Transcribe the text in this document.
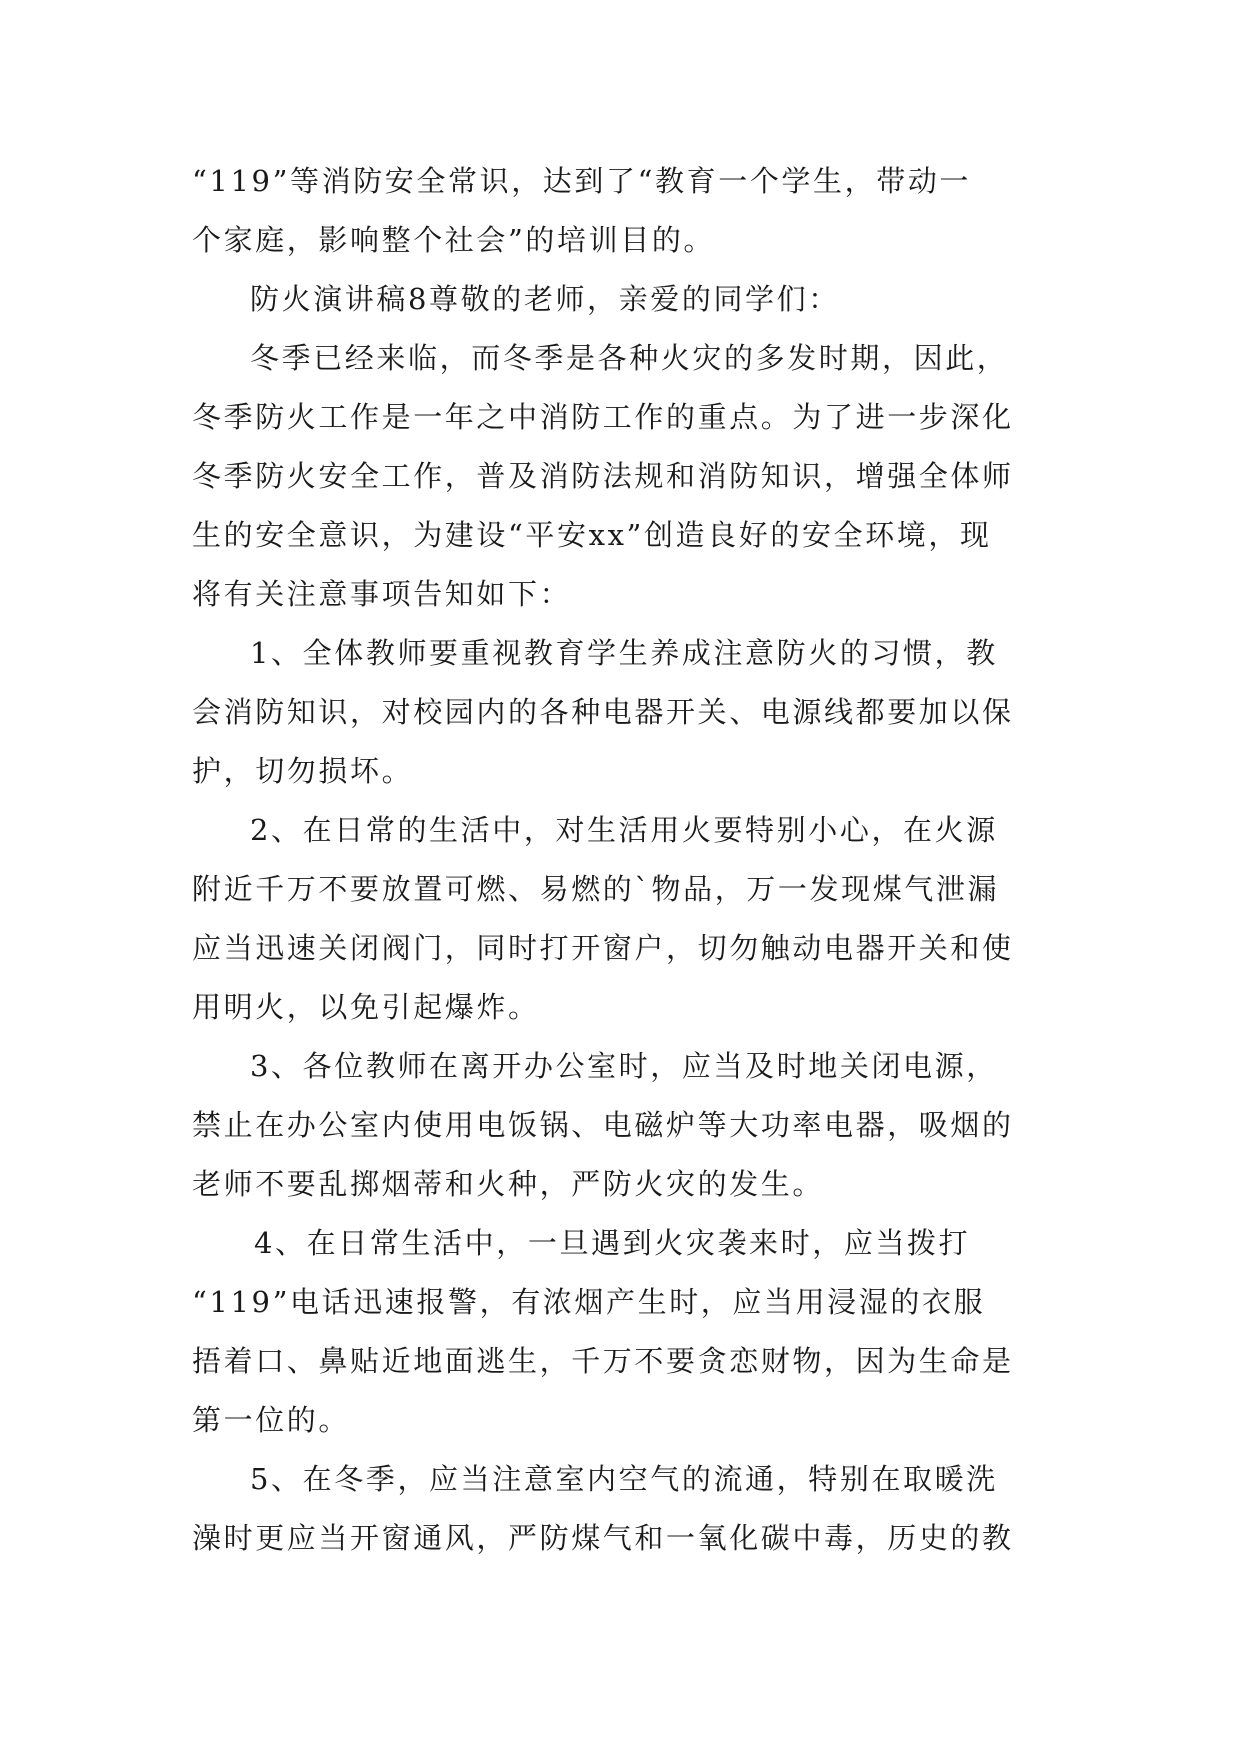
“119”等消防安全常识，达到了“教育一个学生，带动一
个家庭，影响整个社会”的培训目的。
防火演讲稿8尊敬的老师，亲爱的同学们：
冬季已经来临，而冬季是各种火灾的多发时期，因此，
冬季防火工作是一年之中消防工作的重点。为了进一步深化
冬季防火安全工作，普及消防法规和消防知识，增强全体师
生的安全意识，为建设“平安xx”创造良好的安全环境，现
将有关注意事项告知如下：
1、全体教师要重视教育学生养成注意防火的习惯，教
会消防知识，对校园内的各种电器开关、电源线都要加以保
护，切勿损坏。
2、在日常的生活中，对生活用火要特别小心，在火源
附近千万不要放置可燃、易燃的`物品，万一发现煤气泄漏
应当迅速关闭阀门，同时打开窗户，切勿触动电器开关和使
用明火，以免引起爆炸。
3、各位教师在离开办公室时，应当及时地关闭电源，
禁止在办公室内使用电饭锅、电磁炉等大功率电器，吸烟的
老师不要乱掷烟蒂和火种，严防火灾的发生。
4、在日常生活中，一旦遇到火灾袭来时，应当拨打
“119”电话迅速报警，有浓烟产生时，应当用浸湿的衣服
捂着口、鼻贴近地面逃生，千万不要贪恋财物，因为生命是
第一位的。
5、在冬季，应当注意室内空气的流通，特别在取暖洗
澡时更应当开窗通风，严防煤气和一氧化碳中毒，历史的教
